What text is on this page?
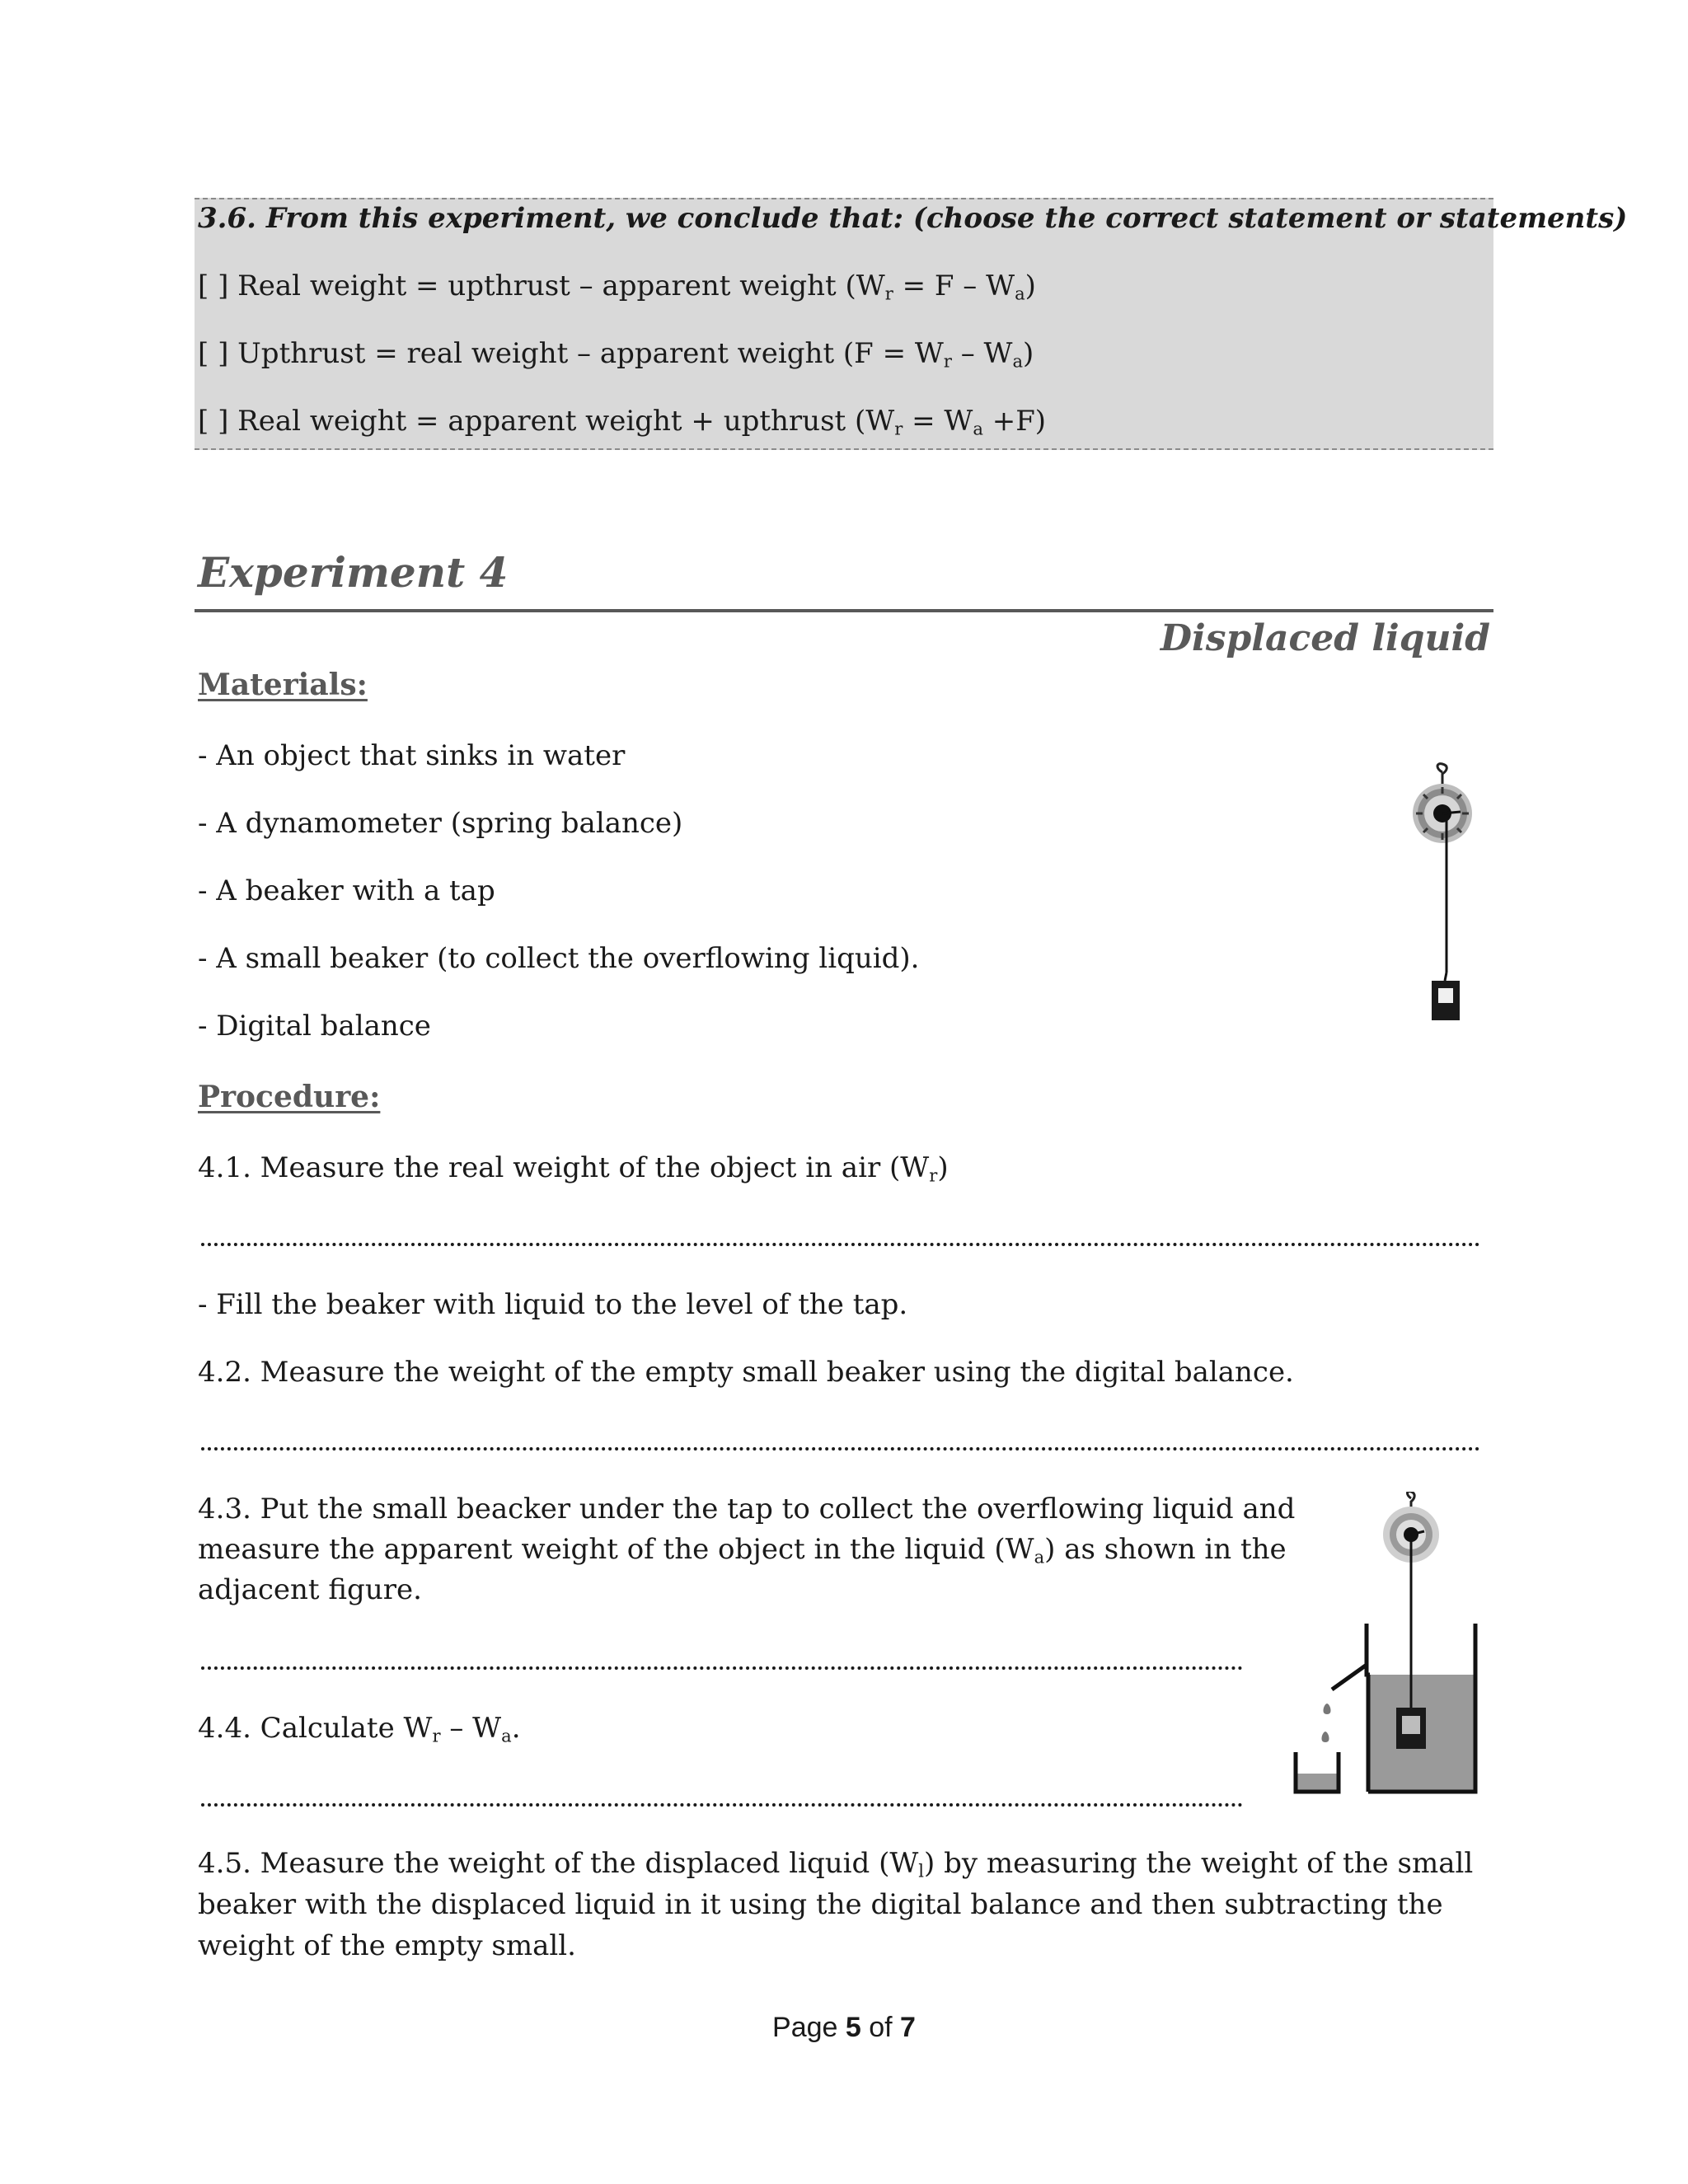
3.6. From this experiment, we conclude that: (choose the correct statement or statements)
[ ] Real weight = upthrust – apparent weight $(W_r = F - W_a)$
[ ] Upthrust = real weight – apparent weight $(F = W_r - W_a)$
[ ] Real weight = apparent weight + upthrust $(W_r = W_a +F)$
Experiment 4
Displaced liquid
Materials:
- An object that sinks in water
- A dynamometer (spring balance)
- A beaker with a tap
- A small beaker (to collect the overflowing liquid).
- Digital balance
Procedure:
4.1. Measure the real weight of the object in air $(W_r)$
- Fill the beaker with liquid to the level of the tap.
4.2. Measure the weight of the empty small beaker using the digital balance.
4.3. Put the small beacker under the tap to collect the overflowing liquid and
measure the apparent weight of the object in the liquid $(W_a)$ as shown in the
adjacent figure.
4.4. Calculate $W_r - W_a$.
4.5. Measure the weight of the displaced liquid $(W_l)$ by measuring the weight of the small beaker with the displaced liquid in it using the digital balance and then subtracting the weight of the empty small.
Page 5 of 7
